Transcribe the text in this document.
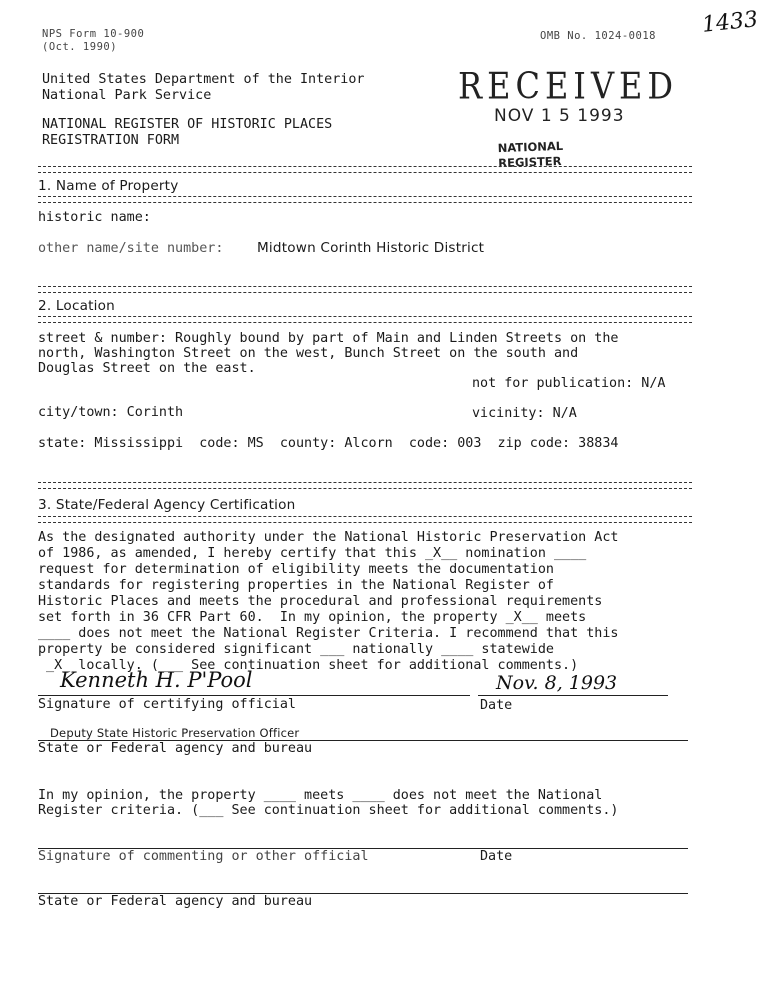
NPS Form 10-900
(Oct. 1990)
OMB No. 1024-0018 1433
United States Department of the Interior
National Park Service
NATIONAL REGISTER OF HISTORIC PLACES
REGISTRATION FORM
RECEIVED
NOV 1 5 1993
NATIONAL
REGISTER
1. Name of Property
historic name:
other name/site number: Midtown Corinth Historic District
2. Location
street & number: Roughly bound by part of Main and Linden Streets on the
north, Washington Street on the west, Bunch Street on the south and
Douglas Street on the east.
not for publication: N/A
city/town: Corinth	vicinity: N/A
state: Mississippi  code: MS  county: Alcorn  code: 003  zip code: 38834
3. State/Federal Agency Certification
As the designated authority under the National Historic Preservation Act
of 1986, as amended, I hereby certify that this _X__ nomination ____
request for determination of eligibility meets the documentation
standards for registering properties in the National Register of
Historic Places and meets the procedural and professional requirements
set forth in 36 CFR Part 60.  In my opinion, the property _X__ meets
____ does not meet the National Register Criteria. I recommend that this
property be considered significant ___ nationally ____ statewide
_X_ locally. (___ See continuation sheet for additional comments.)
Kenneth H. P'Pool	Nov. 8, 1993
Signature of certifying official	Date
Deputy State Historic Preservation Officer
State or Federal agency and bureau
In my opinion, the property ____ meets ____ does not meet the National
Register criteria. (___ See continuation sheet for additional comments.)
Signature of commenting or other official	Date
State or Federal agency and bureau
